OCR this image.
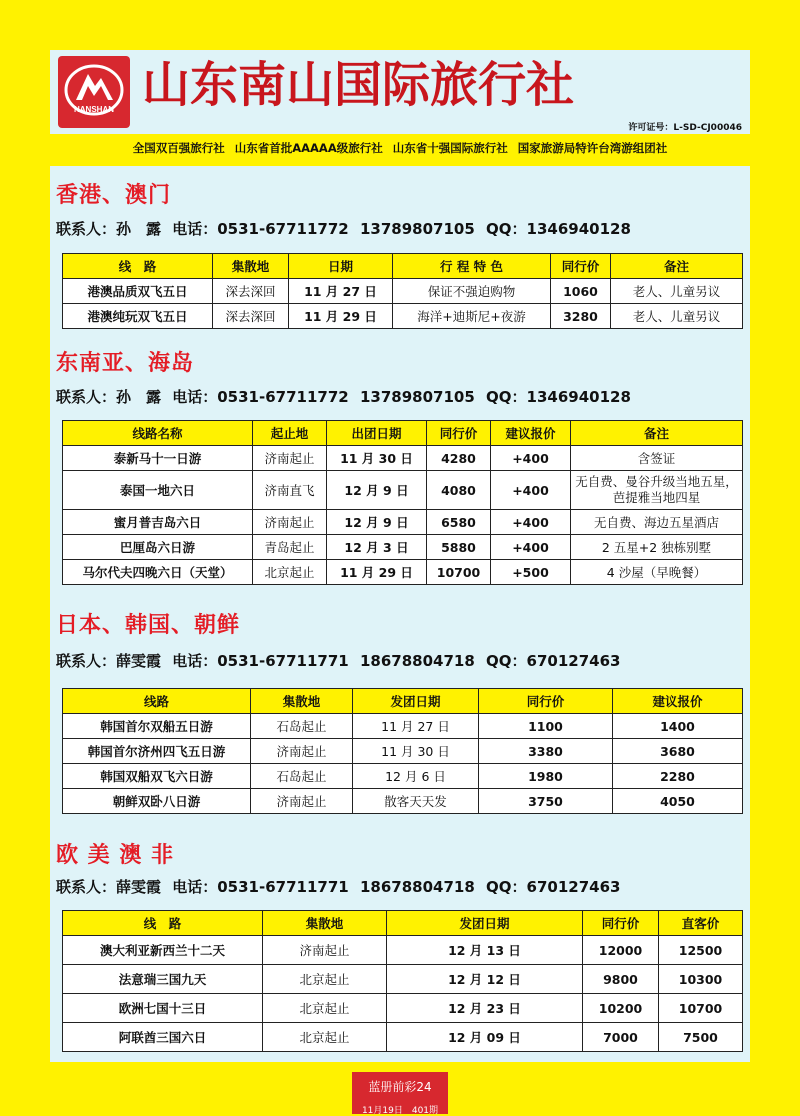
NANSHAN 山东南山国际旅行社
许可证号：L-SD-CJ00046
全国双百强旅行社 山东省首批AAAAA级旅行社 山东省十强国际旅行社 国家旅游局特许台湾游组团社
香港、澳门
联系人：孙　露 电话：0531-67711772 13789807105 QQ：1346940128
线　路	集散地	日期	行 程 特 色	同行价	备注
港澳品质双飞五日	深去深回	11 月 27 日	保证不强迫购物	1060	老人、儿童另议
港澳纯玩双飞五日	深去深回	11 月 29 日	海洋+迪斯尼+夜游	3280	老人、儿童另议
东南亚、海岛
联系人：孙　露 电话：0531-67711772 13789807105 QQ：1346940128
线路名称	起止地	出团日期	同行价	建议报价	备注
泰新马十一日游	济南起止	11 月 30 日	4280	+400	含签证
泰国一地六日	济南直飞	12 月 9 日	4080	+400	无自费、曼谷升级当地五星，芭提雅当地四星
蜜月普吉岛六日	济南起止	12 月 9 日	6580	+400	无自费、海边五星酒店
巴厘岛六日游	青岛起止	12 月 3 日	5880	+400	2 五星+2 独栋别墅
马尔代夫四晚六日（天堂）	北京起止	11 月 29 日	10700	+500	4 沙屋（早晚餐）
日本、韩国、朝鲜
联系人：薛雯霞 电话：0531-67711771 18678804718 QQ：670127463
线路	集散地	发团日期	同行价	建议报价
韩国首尔双船五日游	石岛起止	11 月 27 日	1100	1400
韩国首尔济州四飞五日游	济南起止	11 月 30 日	3380	3680
韩国双船双飞六日游	石岛起止	12 月 6 日	1980	2280
朝鲜双卧八日游	济南起止	散客天天发	3750	4050
欧 美 澳 非
联系人：薛雯霞 电话：0531-67711771 18678804718 QQ：670127463
线　路	集散地	发团日期	同行价	直客价
澳大利亚新西兰十二天	济南起止	12 月 13 日	12000	12500
法意瑞三国九天	北京起止	12 月 12 日	9800	10300
欧洲七国十三日	北京起止	12 月 23 日	10200	10700
阿联酋三国六日	北京起止	12 月 09 日	7000	7500
蓝册前彩24
11月19日　401期
